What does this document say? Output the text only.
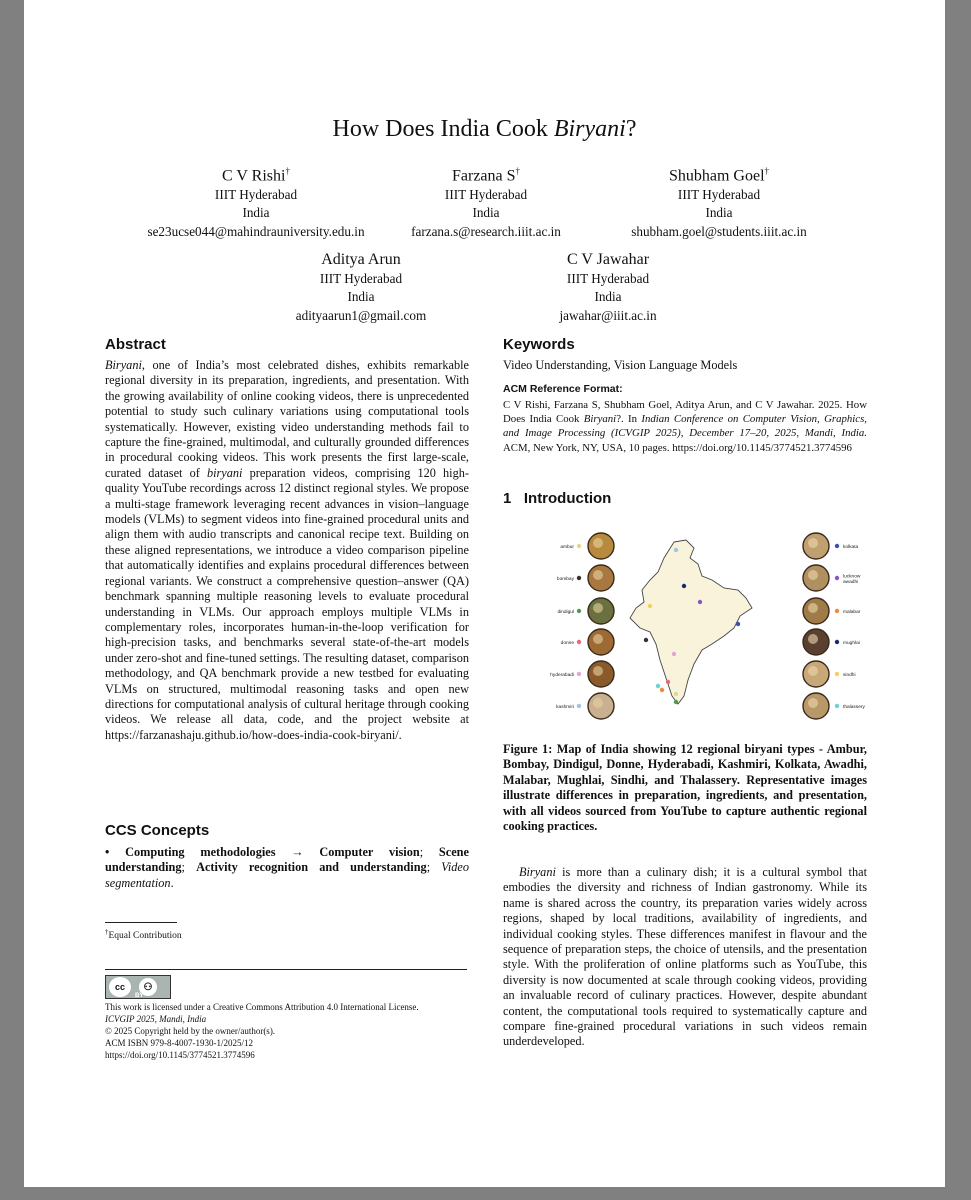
How Does India Cook Biryani?
C V Rishi†
IIIT Hyderabad
India
se23ucse044@mahindrauniversity.edu.in
Farzana S†
IIIT Hyderabad
India
farzana.s@research.iiit.ac.in
Shubham Goel†
IIIT Hyderabad
India
shubham.goel@students.iiit.ac.in
Aditya Arun
IIIT Hyderabad
India
adityaarun1@gmail.com
C V Jawahar
IIIT Hyderabad
India
jawahar@iiit.ac.in
Abstract
Biryani, one of India’s most celebrated dishes, exhibits remarkable regional diversity in its preparation, ingredients, and presentation. With the growing availability of online cooking videos, there is unprecedented potential to study such culinary variations using computational tools systematically. However, existing video understanding methods fail to capture the fine-grained, multimodal, and culturally grounded differences in procedural cooking videos. This work presents the first large-scale, curated dataset of biryani preparation videos, comprising 120 high-quality YouTube recordings across 12 distinct regional styles. We propose a multi-stage framework leveraging recent advances in vision–language models (VLMs) to segment videos into fine-grained procedural units and align them with audio transcripts and canonical recipe text. Building on these aligned representations, we introduce a video comparison pipeline that automatically identifies and explains procedural differences between regional variants. We construct a comprehensive question–answer (QA) benchmark spanning multiple reasoning levels to evaluate procedural understanding in VLMs. Our approach employs multiple VLMs in complementary roles, incorporates human-in-the-loop verification for high-precision tasks, and benchmarks several state-of-the-art models under zero-shot and fine-tuned settings. The resulting dataset, comparison methodology, and QA benchmark provide a new testbed for evaluating VLMs on structured, multimodal reasoning tasks and open new directions for computational analysis of cultural heritage through cooking videos. We release all data, code, and the project website at https://farzanashaju.github.io/how-does-india-cook-biryani/.
CCS Concepts
• Computing methodologies → Computer vision; Scene understanding; Activity recognition and understanding; Video segmentation.
†Equal Contribution
cc ⚇
BY
This work is licensed under a Creative Commons Attribution 4.0 International License.
ICVGIP 2025, Mandi, India
© 2025 Copyright held by the owner/author(s).
ACM ISBN 979-8-4007-1930-1/2025/12
https://doi.org/10.1145/3774521.3774596
Keywords
Video Understanding, Vision Language Models
ACM Reference Format:
C V Rishi, Farzana S, Shubham Goel, Aditya Arun, and C V Jawahar. 2025. How Does India Cook Biryani?. In Indian Conference on Computer Vision, Graphics, and Image Processing (ICVGIP 2025), December 17–20, 2025, Mandi, India. ACM, New York, NY, USA, 10 pages. https://doi.org/10.1145/3774521.3774596
1 Introduction
ambur
bombay
dindigul
donne
hyderabadi
kashmiri
kolkata
lucknow
awadhi
malabar
mughlai
sindhi
thalassery
Figure 1: Map of India showing 12 regional biryani types - Ambur, Bombay, Dindigul, Donne, Hyderabadi, Kashmiri, Kolkata, Awadhi, Malabar, Mughlai, Sindhi, and Thalassery. Representative images illustrate differences in preparation, ingredients, and presentation, with all videos sourced from YouTube to capture authentic regional cooking practices.
Biryani is more than a culinary dish; it is a cultural symbol that embodies the diversity and richness of Indian gastronomy. While its name is shared across the country, its preparation varies widely across regions, shaped by local traditions, availability of ingredients, and individual cooking styles. These differences manifest in flavour and the sequence of preparation steps, the choice of utensils, and the presentation style. With the proliferation of online platforms such as YouTube, this diversity is now documented at scale through cooking videos, providing an invaluable record of culinary practices. However, despite abundant content, the computational tools required to systematically capture and compare fine-grained procedural variations in such videos remain underdeveloped.
